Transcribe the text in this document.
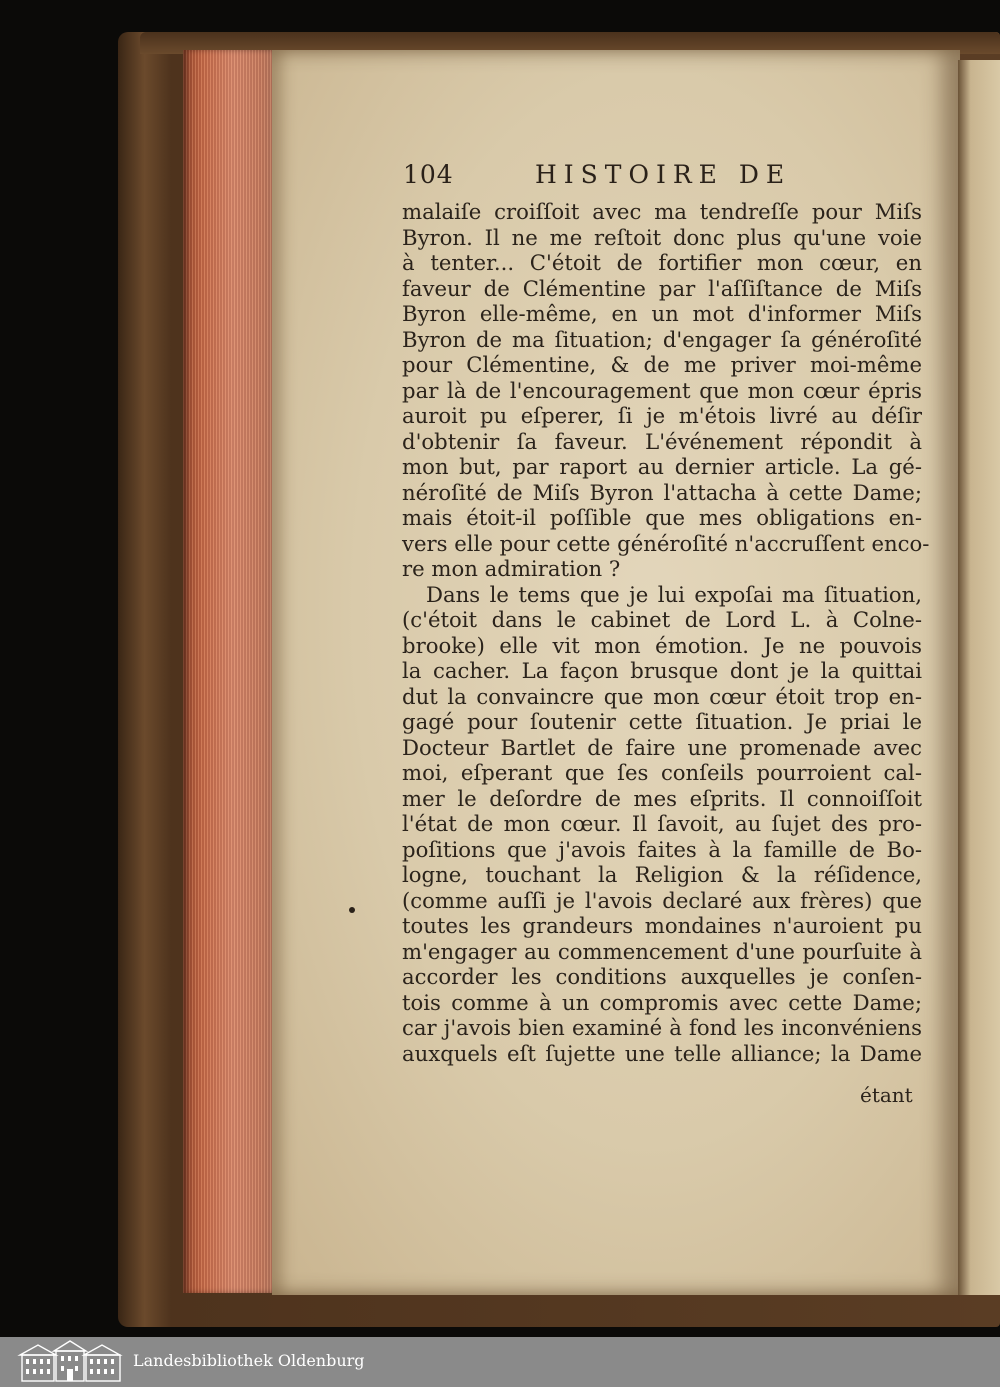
104	HISTOIRE DE
malaiſe croiſſoit avec ma tendreſſe pour Miſs
Byron. Il ne me reſtoit donc plus qu'une voie
à tenter... C'étoit de fortifier mon cœur, en
faveur de Clémentine par l'aſſiſtance de Miſs
Byron elle-même, en un mot d'informer Miſs
Byron de ma ſituation; d'engager ſa généroſité
pour Clémentine, & de me priver moi-même
par là de l'encouragement que mon cœur épris
auroit pu eſperer, ſi je m'étois livré au déſir
d'obtenir ſa faveur. L'événement répondit à
mon but, par raport au dernier article. La gé-
néroſité de Miſs Byron l'attacha à cette Dame;
mais étoit-il poſſible que mes obligations en-
vers elle pour cette généroſité n'accruſſent enco-
re mon admiration ?
Dans le tems que je lui expoſai ma ſituation,
(c'étoit dans le cabinet de Lord L. à Colne-
brooke) elle vit mon émotion. Je ne pouvois
la cacher. La façon brusque dont je la quittai
dut la convaincre que mon cœur étoit trop en-
gagé pour ſoutenir cette ſituation. Je priai le
Docteur Bartlet de faire une promenade avec
moi, eſperant que ſes conſeils pourroient cal-
mer le deſordre de mes eſprits. Il connoiſſoit
l'état de mon cœur. Il ſavoit, au ſujet des pro-
poſitions que j'avois faites à la famille de Bo-
logne, touchant la Religion & la réſidence,
(comme auſſi je l'avois declaré aux frères) que
toutes les grandeurs mondaines n'auroient pu
m'engager au commencement d'une pourſuite à
accorder les conditions auxquelles je conſen-
tois comme à un compromis avec cette Dame;
car j'avois bien examiné à fond les inconvéniens
auxquels eſt ſujette une telle alliance; la Dame
étant
Landesbibliothek Oldenburg
